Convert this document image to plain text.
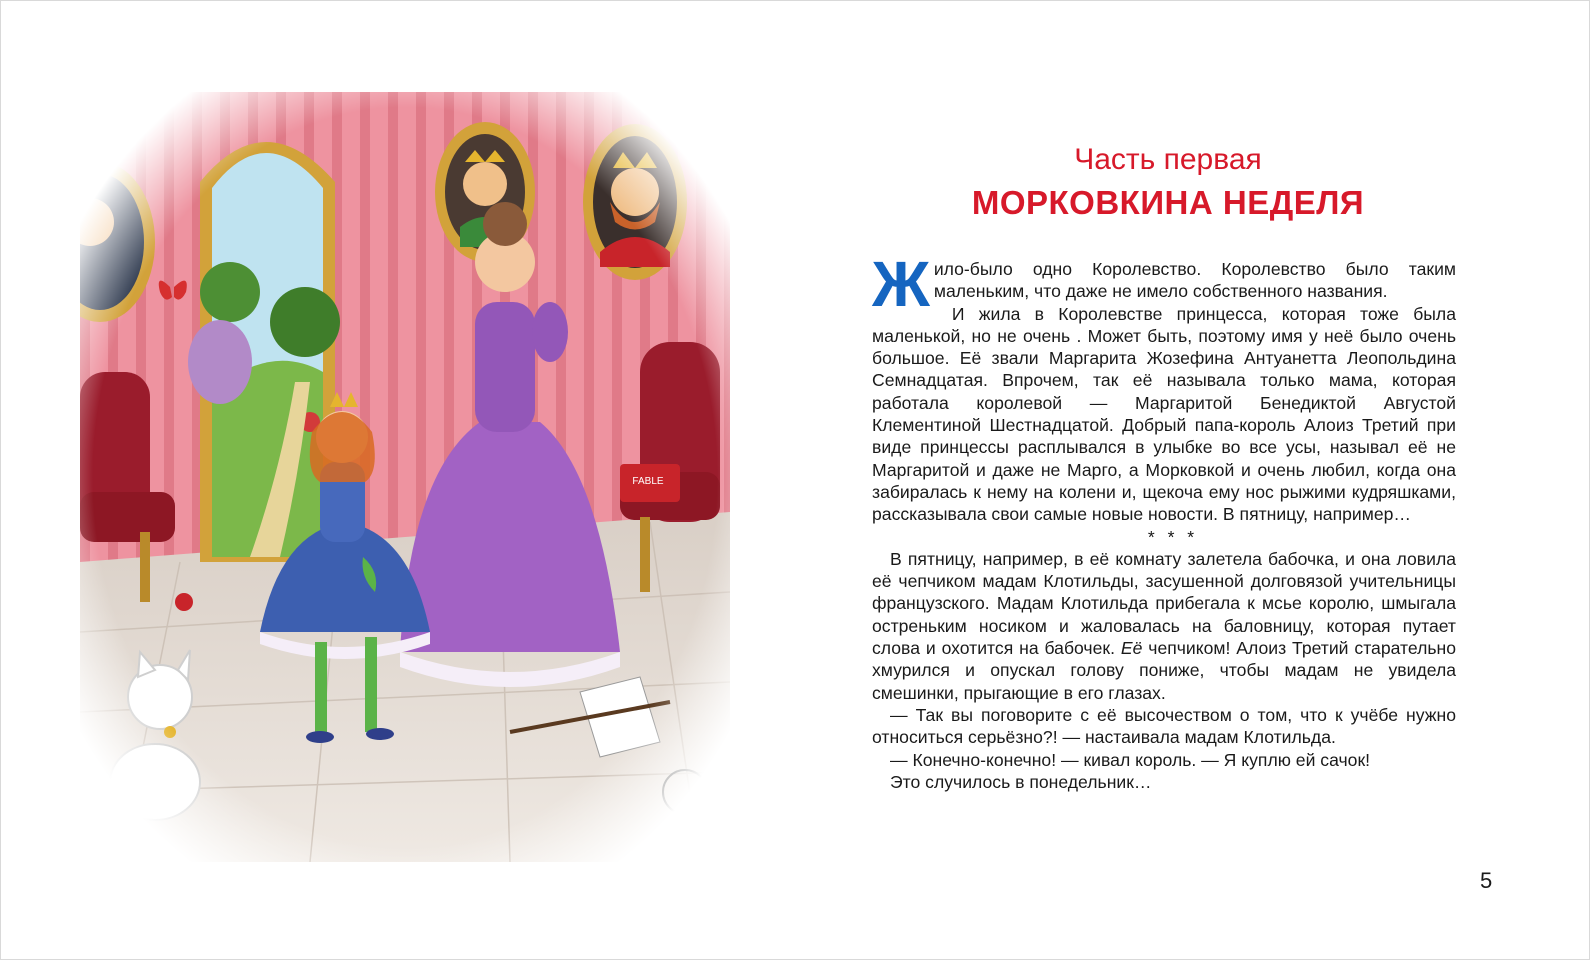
Часть первая

МОРКОВКИНА НЕДЕЛЯ

Жило-было одно Королевство. Королевство было таким маленьким, что даже не имело собственного названия.

И жила в Королевстве принцесса, которая тоже была маленькой, но не очень . Может быть, поэтому имя у неё было очень большое. Её звали Маргарита Жозефина Антуанетта Леопольдина Семнадцатая. Впрочем, так её называла только мама, которая работала королевой — Маргаритой Бенедиктой Августой Клементиной Шестнадцатой. Добрый папа-король Алоиз Третий при виде принцессы расплывался в улыбке во все усы, называл её не Маргаритой и даже не Марго, а Морковкой и очень любил, когда она забиралась к нему на колени и, щекоча ему нос рыжими кудряшками, рассказывала свои самые новые новости. В пятницу, например…

* * *

В пятницу, например, в её комнату залетела бабочка, и она ловила её чепчиком мадам Клотильды, засушенной долговязой учительницы французского. Мадам Клотильда прибегала к мсье королю, шмыгала остреньким носиком и жаловалась на баловницу, которая путает слова и охотится на бабочек. Её чепчиком! Алоиз Третий старательно хмурился и опускал голову пониже, чтобы мадам не увидела смешинки, прыгающие в его глазах.

— Так вы поговорите с её высочеством о том, что к учёбе нужно относиться серьёзно?! — настаивала мадам Клотильда.

— Конечно-конечно! — кивал король. — Я куплю ей сачок!

Это случилось в понедельник…

5
